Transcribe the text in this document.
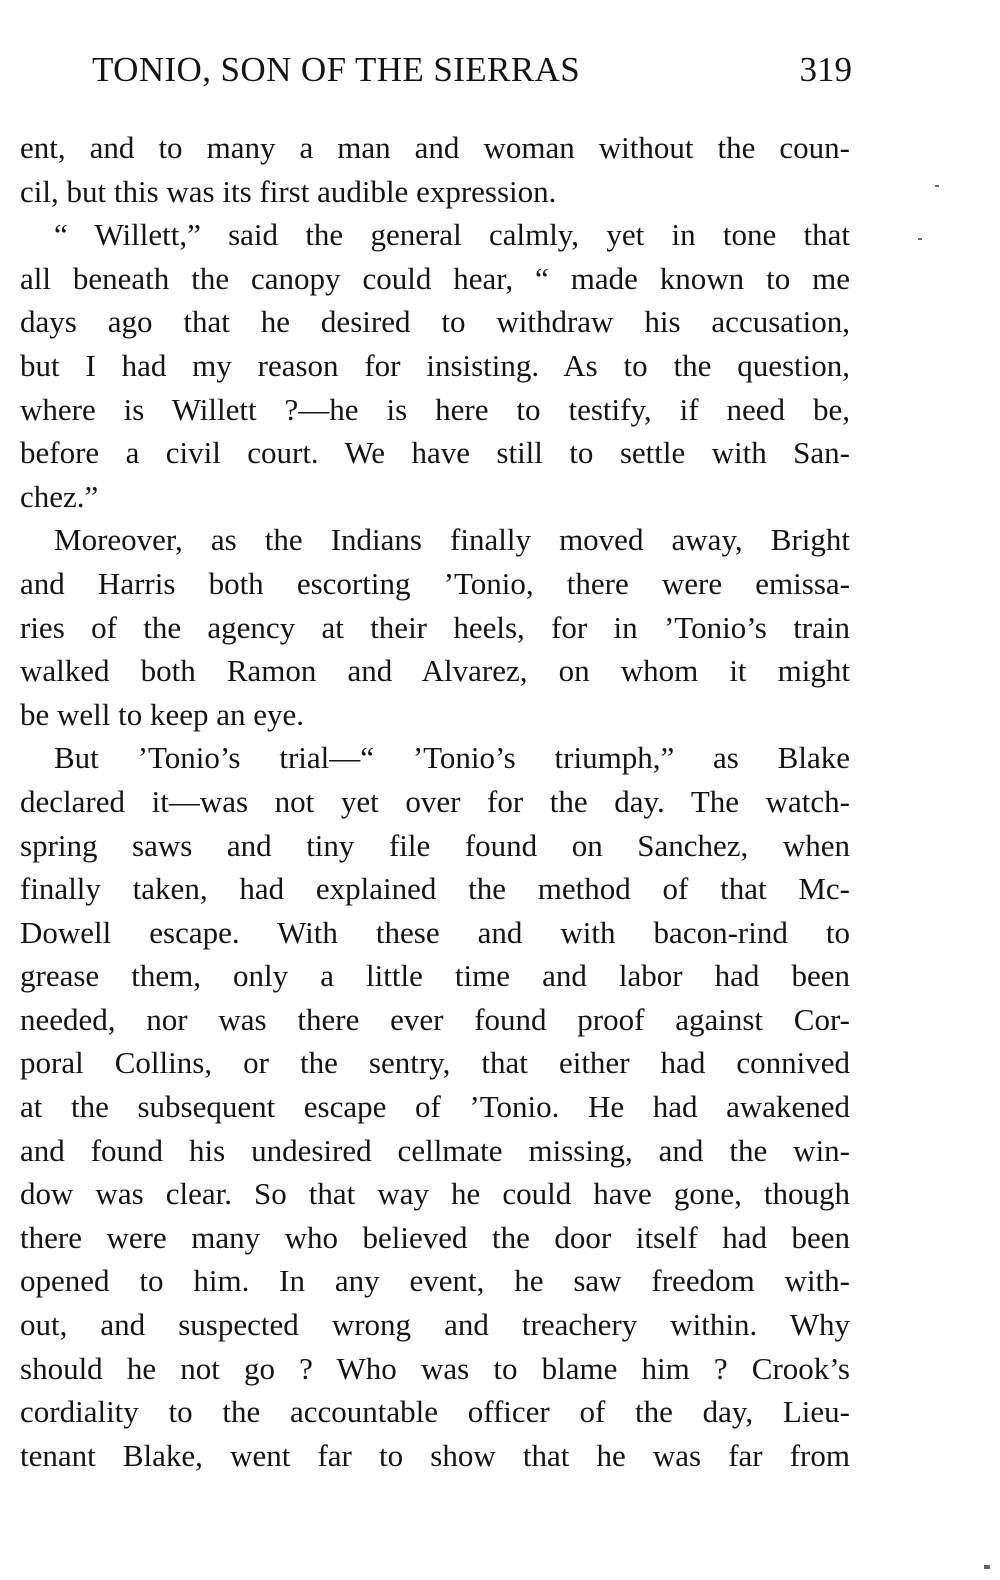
TONIO, SON OF THE SIERRAS	319
ent, and to many a man and woman without the coun-
cil, but this was its first audible expression.
“ Willett,” said the general calmly, yet in tone that
all beneath the canopy could hear, “ made known to me
days ago that he desired to withdraw his accusation,
but I had my reason for insisting. As to the question,
where is Willett ?—he is here to testify, if need be,
before a civil court. We have still to settle with San-
chez.”
Moreover, as the Indians finally moved away, Bright
and Harris both escorting ’Tonio, there were emissa-
ries of the agency at their heels, for in ’Tonio’s train
walked both Ramon and Alvarez, on whom it might
be well to keep an eye.
But ’Tonio’s trial—“ ’Tonio’s triumph,” as Blake
declared it—was not yet over for the day. The watch-
spring saws and tiny file found on Sanchez, when
finally taken, had explained the method of that Mc-
Dowell escape. With these and with bacon-rind to
grease them, only a little time and labor had been
needed, nor was there ever found proof against Cor-
poral Collins, or the sentry, that either had connived
at the subsequent escape of ’Tonio. He had awakened
and found his undesired cellmate missing, and the win-
dow was clear. So that way he could have gone, though
there were many who believed the door itself had been
opened to him. In any event, he saw freedom with-
out, and suspected wrong and treachery within. Why
should he not go ? Who was to blame him ? Crook’s
cordiality to the accountable officer of the day, Lieu-
tenant Blake, went far to show that he was far from
